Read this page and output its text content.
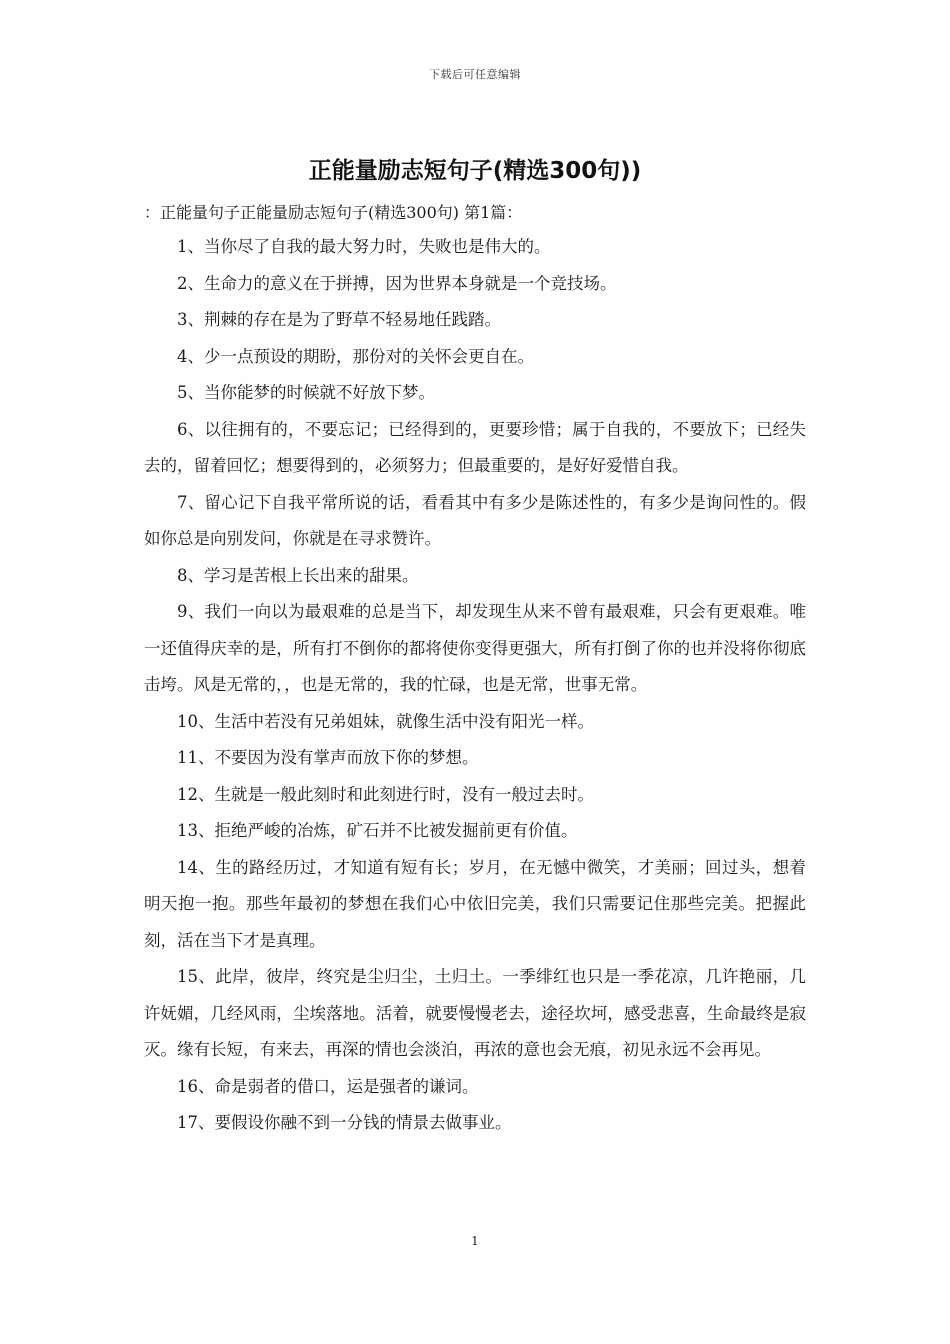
下载后可任意编辑
正能量励志短句子(精选300句))

：正能量句子正能量励志短句子(精选300句) 第1篇：

1、当你尽了自我的最大努力时，失败也是伟大的。

2、生命力的意义在于拼搏，因为世界本身就是一个竞技场。

3、荆棘的存在是为了野草不轻易地任践踏。

4、少一点预设的期盼，那份对的关怀会更自在。

5、当你能梦的时候就不好放下梦。

6、以往拥有的，不要忘记；已经得到的，更要珍惜；属于自我的，不要放下；已经失去的，留着回忆；想要得到的，必须努力；但最重要的，是好好爱惜自我。

7、留心记下自我平常所说的话，看看其中有多少是陈述性的，有多少是询问性的。假如你总是向别发问，你就是在寻求赞许。

8、学习是苦根上长出来的甜果。

9、我们一向以为最艰难的总是当下，却发现生从来不曾有最艰难，只会有更艰难。唯一还值得庆幸的是，所有打不倒你的都将使你变得更强大，所有打倒了你的也并没将你彻底击垮。风是无常的，，也是无常的，我的忙碌，也是无常，世事无常。

10、生活中若没有兄弟姐妹，就像生活中没有阳光一样。

11、不要因为没有掌声而放下你的梦想。

12、生就是一般此刻时和此刻进行时，没有一般过去时。

13、拒绝严峻的冶炼，矿石并不比被发掘前更有价值。

14、生的路经历过，才知道有短有长；岁月，在无憾中微笑，才美丽；回过头，想着明天抱一抱。那些年最初的梦想在我们心中依旧完美，我们只需要记住那些完美。把握此刻，活在当下才是真理。

15、此岸，彼岸，终究是尘归尘，土归土。一季绯红也只是一季花凉，几许艳丽，几许妩媚，几经风雨，尘埃落地。活着，就要慢慢老去，途径坎坷，感受悲喜，生命最终是寂灭。缘有长短，有来去，再深的情也会淡泊，再浓的意也会无痕，初见永远不会再见。

16、命是弱者的借口，运是强者的谦词。

17、要假设你融不到一分钱的情景去做事业。

1
